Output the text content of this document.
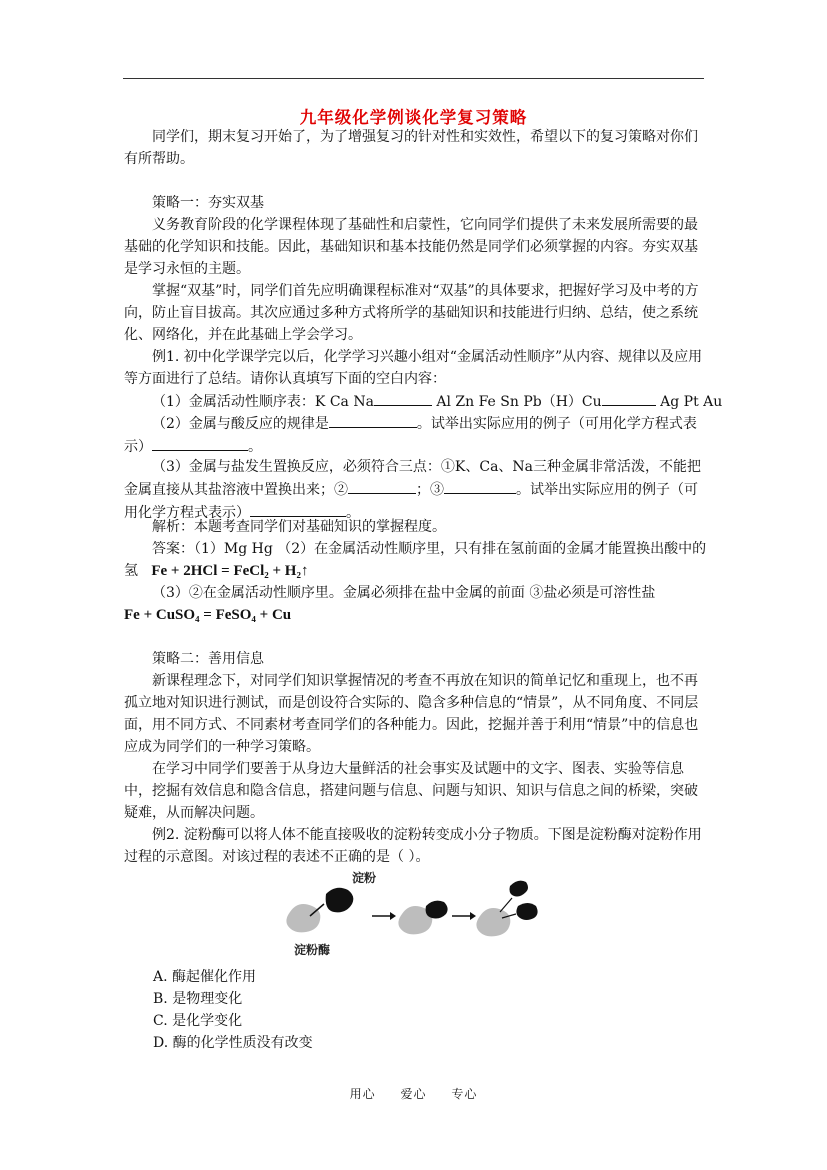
九年级化学例谈化学复习策略

同学们，期末复习开始了，为了增强复习的针对性和实效性，希望以下的复习策略对你们有所帮助。

策略一：夯实双基

义务教育阶段的化学课程体现了基础性和启蒙性，它向同学们提供了未来发展所需要的最基础的化学知识和技能。因此，基础知识和基本技能仍然是同学们必须掌握的内容。夯实双基是学习永恒的主题。

掌握“双基”时，同学们首先应明确课程标准对“双基”的具体要求，把握好学习及中考的方向，防止盲目拔高。其次应通过多种方式将所学的基础知识和技能进行归纳、总结，使之系统化、网络化，并在此基础上学会学习。

例1. 初中化学课学完以后，化学学习兴趣小组对“金属活动性顺序”从内容、规律以及应用等方面进行了总结。请你认真填写下面的空白内容：

（1）金属活动性顺序表：K Ca Na	Al Zn Fe Sn Pb（H）Cu	Ag Pt Au

（2）金属与酸反应的规律是	。试举出实际应用的例子（可用化学方程式表示）	。

（3）金属与盐发生置换反应，必须符合三点：①K、Ca、Na三种金属非常活泼，不能把金属直接从其盐溶液中置换出来；②	；③	。试举出实际应用的例子（可用化学方程式表示）	。

解析：本题考查同学们对基础知识的掌握程度。

答案：（1）Mg Hg （2）在金属活动性顺序里，只有排在氢前面的金属才能置换出酸中的氢 Fe + 2HCl = FeCl₂ + H₂↑

（3）②在金属活动性顺序里。金属必须排在盐中金属的前面 ③盐必须是可溶性盐

Fe + CuSO₄ = FeSO₄ + Cu

策略二：善用信息

新课程理念下，对同学们知识掌握情况的考查不再放在知识的简单记忆和重现上，也不再孤立地对知识进行测试，而是创设符合实际的、隐含多种信息的“情景”，从不同角度、不同层面，用不同方式、不同素材考查同学们的各种能力。因此，挖掘并善于利用“情景”中的信息也应成为同学们的一种学习策略。

在学习中同学们要善于从身边大量鲜活的社会事实及试题中的文字、图表、实验等信息中，挖掘有效信息和隐含信息，搭建问题与信息、问题与知识、知识与信息之间的桥梁，突破疑难，从而解决问题。

例2. 淀粉酶可以将人体不能直接吸收的淀粉转变成小分子物质。下图是淀粉酶对淀粉作用过程的示意图。对该过程的表述不正确的是（ ）。

淀粉
淀粉酶
A. 酶起催化作用
B. 是物理变化
C. 是化学变化
D. 酶的化学性质没有改变
用心 爱心 专心
